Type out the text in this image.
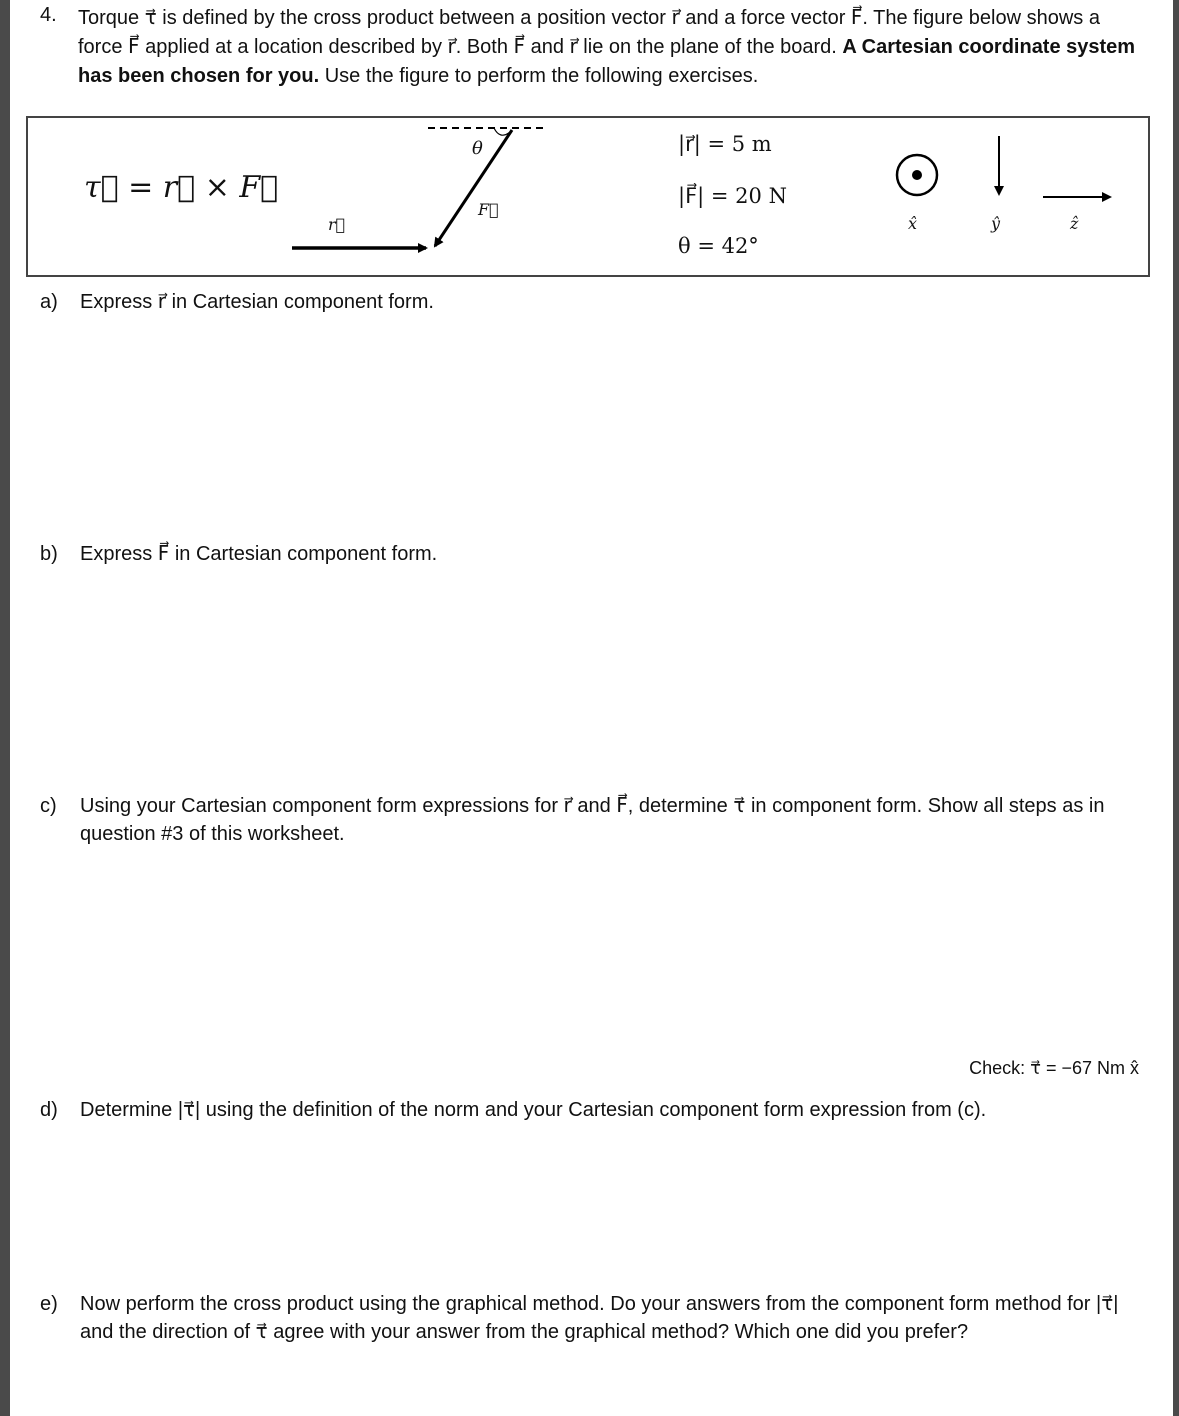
4. Torque τ⃗ is defined by the cross product between a position vector r⃗ and a force vector F⃗. The figure below shows a force F⃗ applied at a location described by r⃗. Both F⃗ and r⃗ lie on the plane of the board. A Cartesian coordinate system has been chosen for you. Use the figure to perform the following exercises.
τ⃗ = r⃗ × F⃗
r⃗
F⃗
θ	|r⃗| = 5 m
|F⃗| = 20 N
θ = 42°
x̂	ŷ	ẑ
a) Express r⃗ in Cartesian component form.
b) Express F⃗ in Cartesian component form.
c) Using your Cartesian component form expressions for r⃗ and F⃗, determine τ⃗ in component form. Show all steps as in question #3 of this worksheet.
Check: τ⃗ = −67 Nm x̂
d) Determine |τ⃗| using the definition of the norm and your Cartesian component form expression from (c).
e) Now perform the cross product using the graphical method. Do your answers from the component form method for |τ⃗| and the direction of τ⃗ agree with your answer from the graphical method? Which one did you prefer?
